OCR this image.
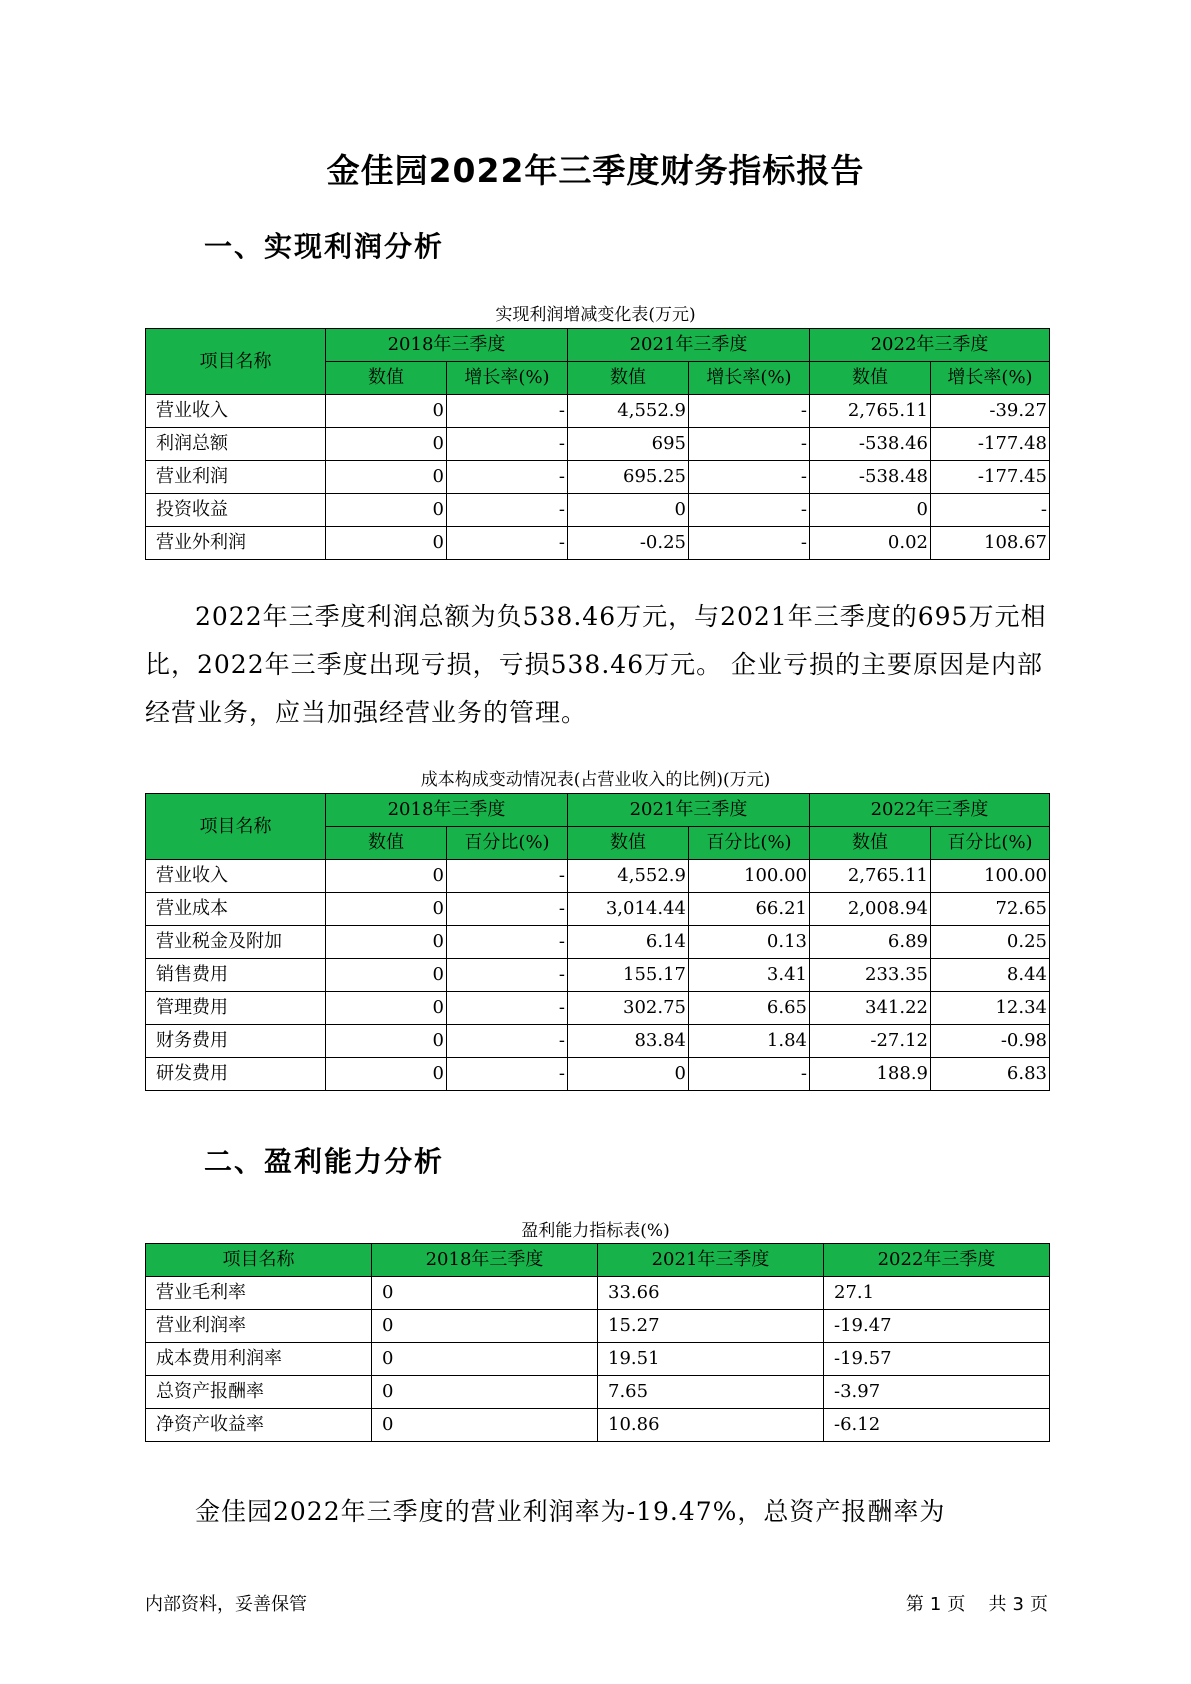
金佳园2022年三季度财务指标报告
一、实现利润分析
实现利润增减变化表(万元)
项目名称	2018年三季度		2021年三季度		2022年三季度	
	数值	增长率(%)	数值	增长率(%)	数值	增长率(%)
营业收入	0	-	4,552.9	-	2,765.11	-39.27
利润总额	0	-	695	-	-538.46	-177.48
营业利润	0	-	695.25	-	-538.48	-177.45
投资收益	0	-	0	-	0	-
营业外利润	0	-	-0.25	-	0.02	108.67
2022年三季度利润总额为负538.46万元，与2021年三季度的695万元相比，2022年三季度出现亏损，亏损538.46万元。 企业亏损的主要原因是内部经营业务，应当加强经营业务的管理。
成本构成变动情况表(占营业收入的比例)(万元)
项目名称	2018年三季度		2021年三季度		2022年三季度	
	数值	百分比(%)	数值	百分比(%)	数值	百分比(%)
营业收入	0	-	4,552.9	100.00	2,765.11	100.00
营业成本	0	-	3,014.44	66.21	2,008.94	72.65
营业税金及附加	0	-	6.14	0.13	6.89	0.25
销售费用	0	-	155.17	3.41	233.35	8.44
管理费用	0	-	302.75	6.65	341.22	12.34
财务费用	0	-	83.84	1.84	-27.12	-0.98
研发费用	0	-	0	-	188.9	6.83
二、盈利能力分析
盈利能力指标表(%)
项目名称	2018年三季度	2021年三季度	2022年三季度
营业毛利率	0	33.66	27.1
营业利润率	0	15.27	-19.47
成本费用利润率	0	19.51	-19.57
总资产报酬率	0	7.65	-3.97
净资产收益率	0	10.86	-6.12
金佳园2022年三季度的营业利润率为-19.47%，总资产报酬率为
内部资料，妥善保管	第 1 页 共 3 页
